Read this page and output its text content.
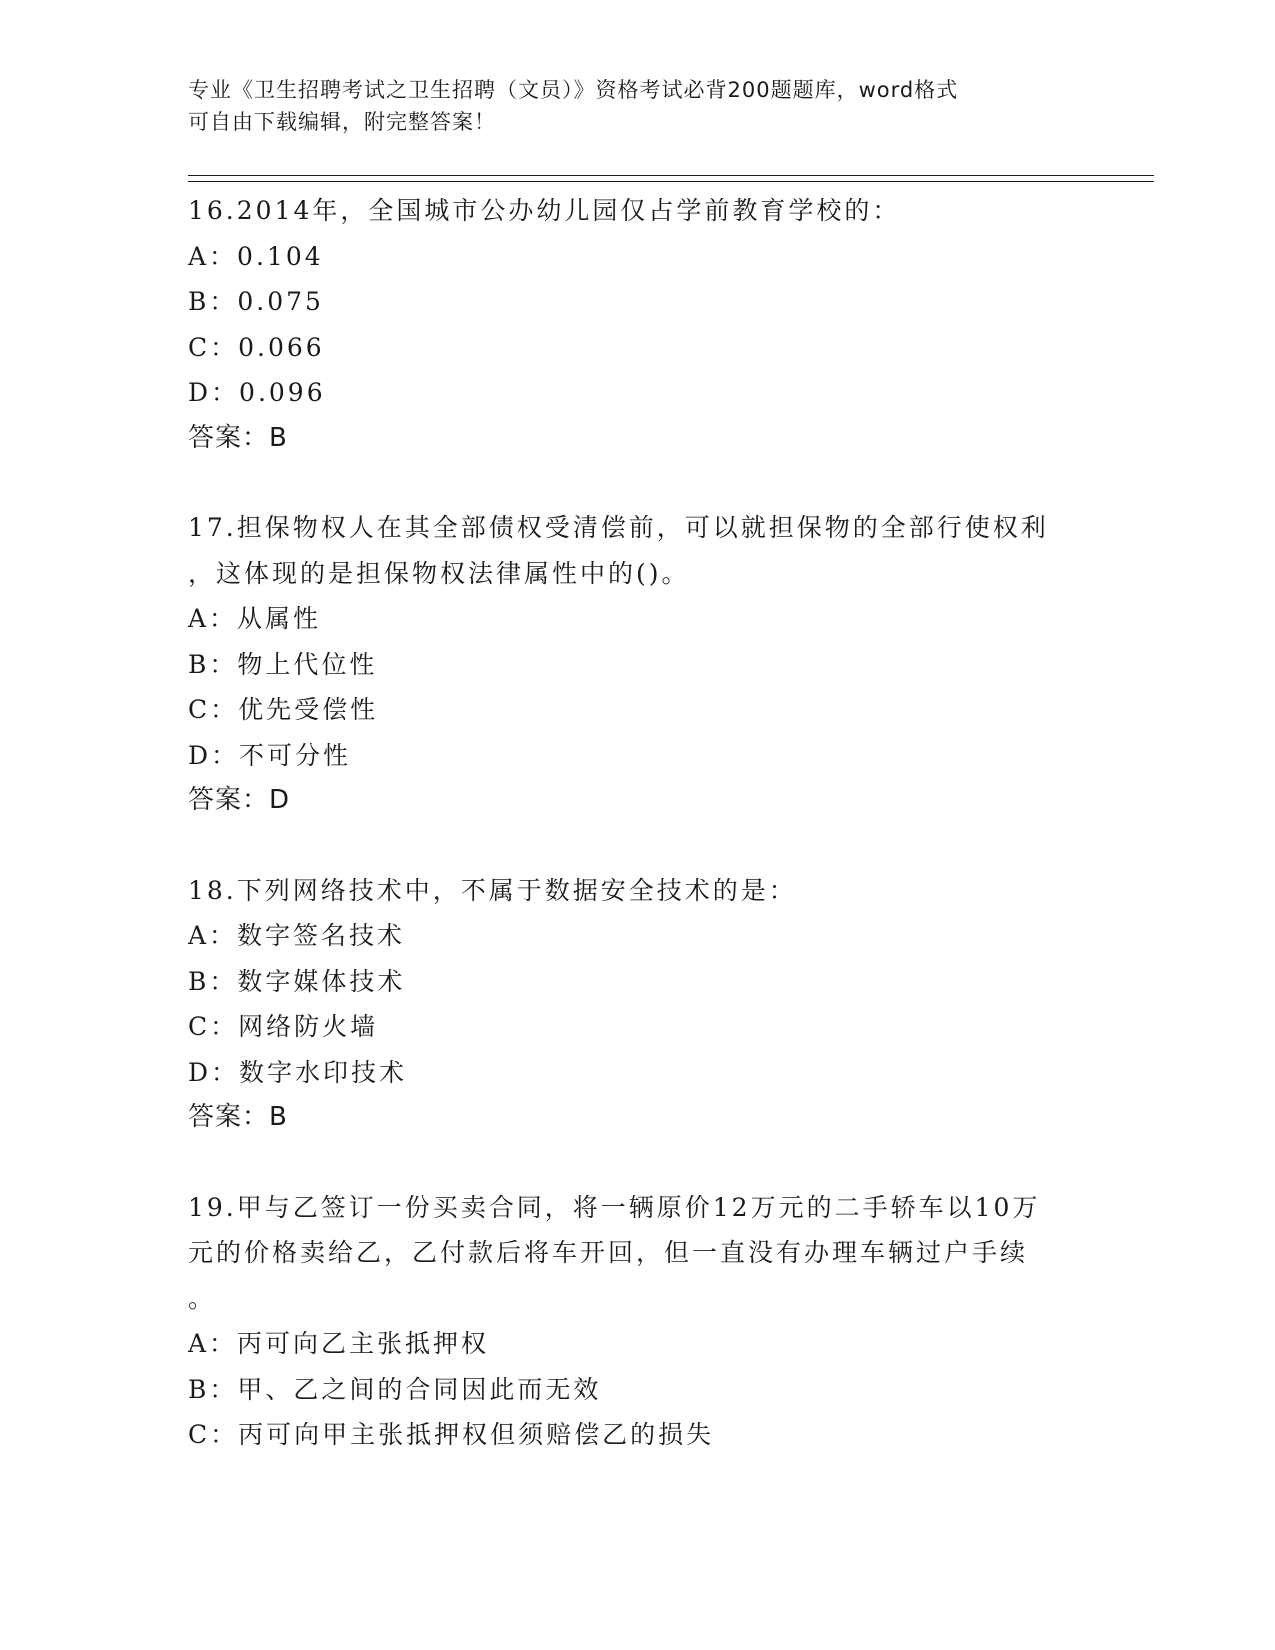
专业《卫生招聘考试之卫生招聘（文员）》资格考试必背200题题库，word格式
可自由下载编辑，附完整答案！
16.2014年，全国城市公办幼儿园仅占学前教育学校的：
A：0.104
B：0.075
C：0.066
D：0.096
答案：B
17.担保物权人在其全部债权受清偿前，可以就担保物的全部行使权利
，这体现的是担保物权法律属性中的()。
A：从属性
B：物上代位性
C：优先受偿性
D：不可分性
答案：D
18.下列网络技术中，不属于数据安全技术的是：
A：数字签名技术
B：数字媒体技术
C：网络防火墙
D：数字水印技术
答案：B
19.甲与乙签订一份买卖合同，将一辆原价12万元的二手轿车以10万
元的价格卖给乙，乙付款后将车开回，但一直没有办理车辆过户手续
。
A：丙可向乙主张抵押权
B：甲、乙之间的合同因此而无效
C：丙可向甲主张抵押权但须赔偿乙的损失
